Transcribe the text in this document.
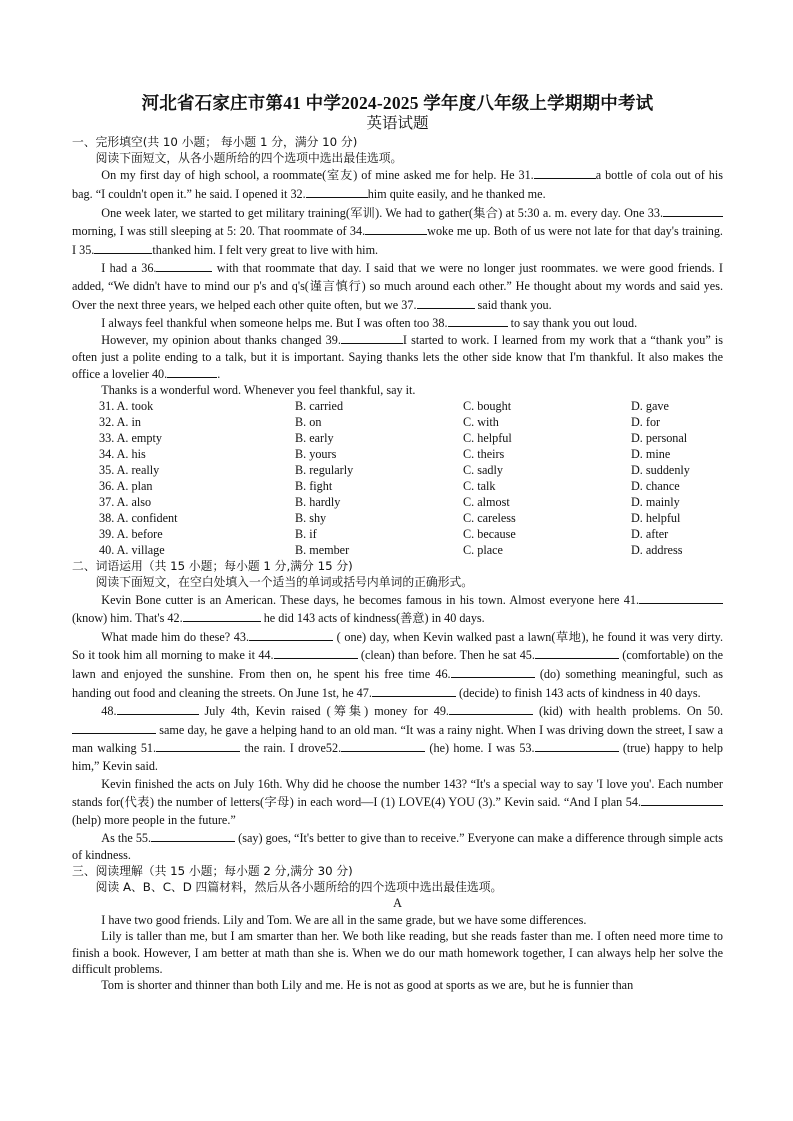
河北省石家庄市第41 中学2024-2025 学年度八年级上学期期中考试
英语试题
一、完形填空(共 10 小题； 每小题 1 分，满分 10 分)
阅读下面短文，从各小题所给的四个选项中选出最佳选项。

On my first day of high school, a roommate(室友) of mine asked me for help. He 31.	a bottle of cola out of his bag. “I couldn't open it.” he said. I opened it 32.	him quite easily, and he thanked me.

One week later, we started to get military training(军训). We had to gather(集合) at 5:30 a. m. every day. One 33.morning, I was still sleeping at 5: 20. That roommate of 34.	woke me up. Both of us were not late for that day's training. I 35.	thanked him. I felt very great to live with him.

I had a 36.	with that roommate that day. I said that we were no longer just roommates. we were good friends. I added, “We didn't have to mind our p's and q's(谨言慎行) so much around each other.” He thought about my words and said yes. Over the next three years, we helped each other quite often, but we 37.	said thank you.

I always feel thankful when someone helps me. But I was often too 38.	to say thank you out loud.

However, my opinion about thanks changed 39.	I started to work. I learned from my work that a “thank you” is often just a polite ending to a talk, but it is important. Saying thanks lets the other side know that I'm thankful. It also makes the office a lovelier 40.	.

Thanks is a wonderful word. Whenever you feel thankful, say it.

31. A. took	B. carried	C. bought	D. gave
32. A. in	B. on	C. with	D. for
33. A. empty	B. early	C. helpful	D. personal
34. A. his	B. yours	C. theirs	D. mine
35. A. really	B. regularly	C. sadly	D. suddenly
36. A. plan	B. fight	C. talk	D. chance
37. A. also	B. hardly	C. almost	D. mainly
38. A. confident	B. shy	C. careless	D. helpful
39. A. before	B. if	C. because	D. after
40. A. village	B. member	C. place	D. address
二、词语运用（共 15 小题；每小题 1 分,满分 15 分)
阅读下面短文，在空白处填入一个适当的单词或括号内单词的正确形式。

Kevin Bone cutter is an American. These days, he becomes famous in his town. Almost everyone here 41.(know) him. That's 42.	he did 143 acts of kindness(善意) in 40 days.

What made him do these? 43.	( one) day, when Kevin walked past a lawn(草地), he found it was very dirty. So it took him all morning to make it 44.	(clean) than before. Then he sat 45.	(comfortable) on the lawn and enjoyed the sunshine. From then on, he spent his free time 46.	(do) something meaningful, such as handing out food and cleaning the streets. On June 1st, he 47.	(decide) to finish 143 acts of kindness in 40 days.

48.	July 4th, Kevin raised (筹集) money for 49.	(kid) with health problems. On 50. same day, he gave a helping hand to an old man. “It was a rainy night. When I was driving down the street, I saw a man walking 51.	the rain. I drove52.	(he) home. I was 53.	(true) happy to help him,” Kevin said.

Kevin finished the acts on July 16th. Why did he choose the number 143? “It's a special way to say 'I love you'. Each number stands for(代表) the number of letters(字母) in each word—I (1) LOVE(4) YOU (3).” Kevin said. “And I plan 54. (help) more people in the future.”

As the 55.	(say) goes, “It's better to give than to receive.” Everyone can make a difference through simple acts of kindness.

三、阅读理解（共 15 小题；每小题 2 分,满分 30 分)
阅读 A、B、C、D 四篇材料，然后从各小题所给的四个选项中选出最佳选项。
A

I have two good friends. Lily and Tom. We are all in the same grade, but we have some differences.

Lily is taller than me, but I am smarter than her. We both like reading, but she reads faster than me. I often need more time to finish a book. However, I am better at math than she is. When we do our math homework together, I can always help her solve the difficult problems.

Tom is shorter and thinner than both Lily and me. He is not as good at sports as we are, but he is funnier than
